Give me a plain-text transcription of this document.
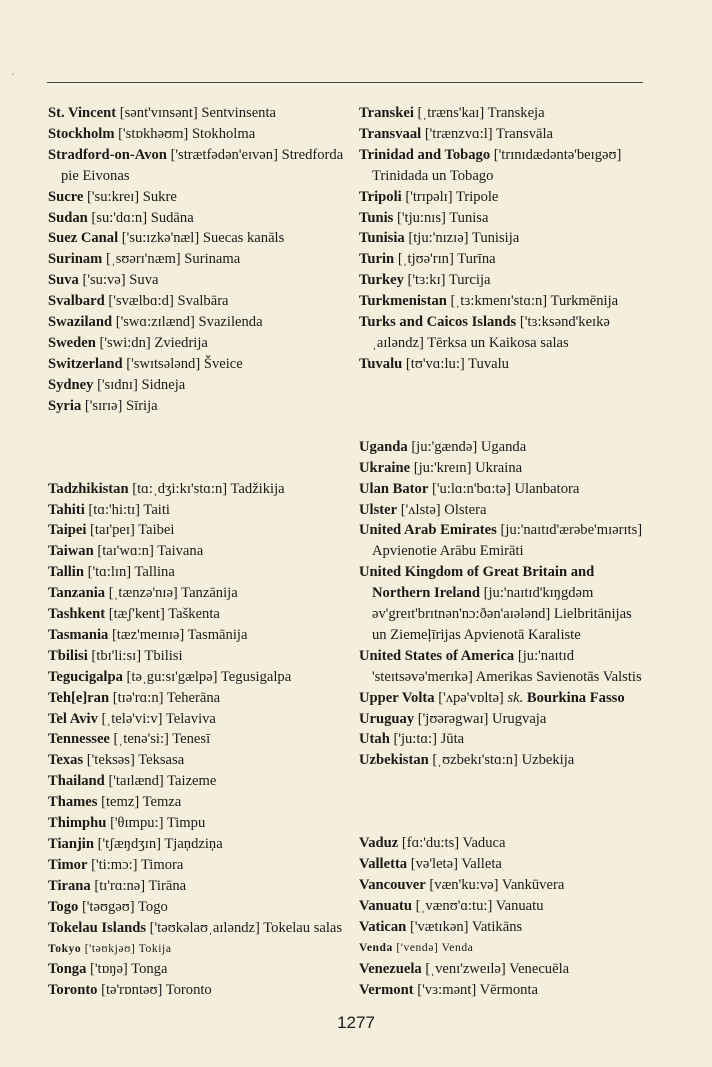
'

St. Vincent [sənt'vɪnsənt] Sentvinsenta

Stockholm ['stɒkhəʊm] Stokholma

Stradford-on-Avon ['strætfədən'eɪvən] Stredforda pie Eivonas

Sucre ['su:kreɪ] Sukre

Sudan [su:'dɑ:n] Sudāna

Suez Canal ['su:ɪzkə'næl] Suecas kanāls

Surinam [ˌsʊərɪ'næm] Surinama

Suva ['su:və] Suva

Svalbard ['svælbɑ:d] Svalbāra

Swaziland ['swɑ:zɪlænd] Svazilenda

Sweden ['swi:dn] Zviedrija

Switzerland ['swɪtsələnd] Šveice

Sydney ['sɪdnɪ] Sidneja

Syria ['sɪrɪə] Sīrija

Tadzhikistan [tɑ:ˌdʒi:kɪ'stɑ:n] Tadžikija

Tahiti [tɑ:'hi:tɪ] Taiti

Taipei [taɪ'peɪ] Taibei

Taiwan [taɪ'wɑ:n] Taivana

Tallin ['tɑ:lɪn] Tallina

Tanzania [ˌtænzə'nɪə] Tanzānija

Tashkent [tæʃ'kent] Taškenta

Tasmania [tæz'meɪnɪə] Tasmānija

Tbilisi [tbɪ'li:sɪ] Tbilisi

Tegucigalpa [təˌgu:sɪ'gælpə] Tegusigalpa

Teh[e]ran [tɪə'rɑ:n] Teherāna

Tel Aviv [ˌtelə'vi:v] Telaviva

Tennessee [ˌtenə'si:] Tenesī

Texas ['teksəs] Teksasa

Thailand ['taɪlænd] Taizeme

Thames [temz] Temza

Thimphu ['θɪmpu:] Timpu

Tianjin ['tʃæŋdʒɪn] Tjaņdziņa

Timor ['ti:mɔ:] Timora

Tirana [tɪ'rɑ:nə] Tirāna

Togo ['təʊgəʊ] Togo

Tokelau Islands ['təʊkəlaʊˌaɪləndz] Tokelau salas

Tokyo ['təʊkjəʊ] Tokija

Tonga ['tɒŋə] Tonga

Toronto [tə'rɒntəʊ] Toronto

Transkei [ˌtræns'kaɪ] Transkeja

Transvaal ['trænzvɑ:l] Transvāla

Trinidad and Tobago ['trɪnɪdædəntə'beɪgəʊ] Trinidada un Tobago

Tripoli ['trɪpəlɪ] Tripole

Tunis ['tju:nɪs] Tunisa

Tunisia [tju:'nɪzɪə] Tunisija

Turin [ˌtjʊə'rɪn] Turīna

Turkey ['tɜ:kɪ] Turcija

Turkmenistan [ˌtɜ:kmenɪ'stɑ:n] Turkmēnija

Turks and Caicos Islands ['tɜ:ksənd'keɪkəˌaɪləndz] Tērksa un Kaikosa salas

Tuvalu [tʊ'vɑ:lu:] Tuvalu

Uganda [ju:'gændə] Uganda

Ukraine [ju:'kreɪn] Ukraina

Ulan Bator ['u:lɑ:n'bɑ:tə] Ulanbatora

Ulster ['ʌlstə] Olstera

United Arab Emirates [ju:'naɪtɪd'ærəbe'mɪərɪts] Apvienotie Arābu Emirāti

United Kingdom of Great Britain and Northern Ireland [ju:'naɪtɪd'kɪŋgdəm əv'greɪt'brɪtnən'nɔ:ðən'aɪələnd] Lielbritānijas un Ziemeļīrijas Apvienotā Karaliste

United States of America [ju:'naɪtɪd 'steɪtsəvə'merɪkə] Amerikas Savienotās Valstis

Upper Volta ['ʌpə'vɒltə] sk. Bourkina Fasso

Uruguay ['jʊərəgwaɪ] Urugvaja

Utah ['ju:tɑ:] Jūta

Uzbekistan [ˌʊzbekɪ'stɑ:n] Uzbekija

Vaduz [fɑ:'du:ts] Vaduca

Valletta [və'letə] Valleta

Vancouver [væn'ku:və] Vankūvera

Vanuatu [ˌvænʊ'ɑ:tu:] Vanuatu

Vatican ['vætɪkən] Vatikāns

Venda ['vendə] Venda

Venezuela [ˌvenɪ'zweɪlə] Venecuēla

Vermont ['vɜ:mənt] Vērmonta

1277
